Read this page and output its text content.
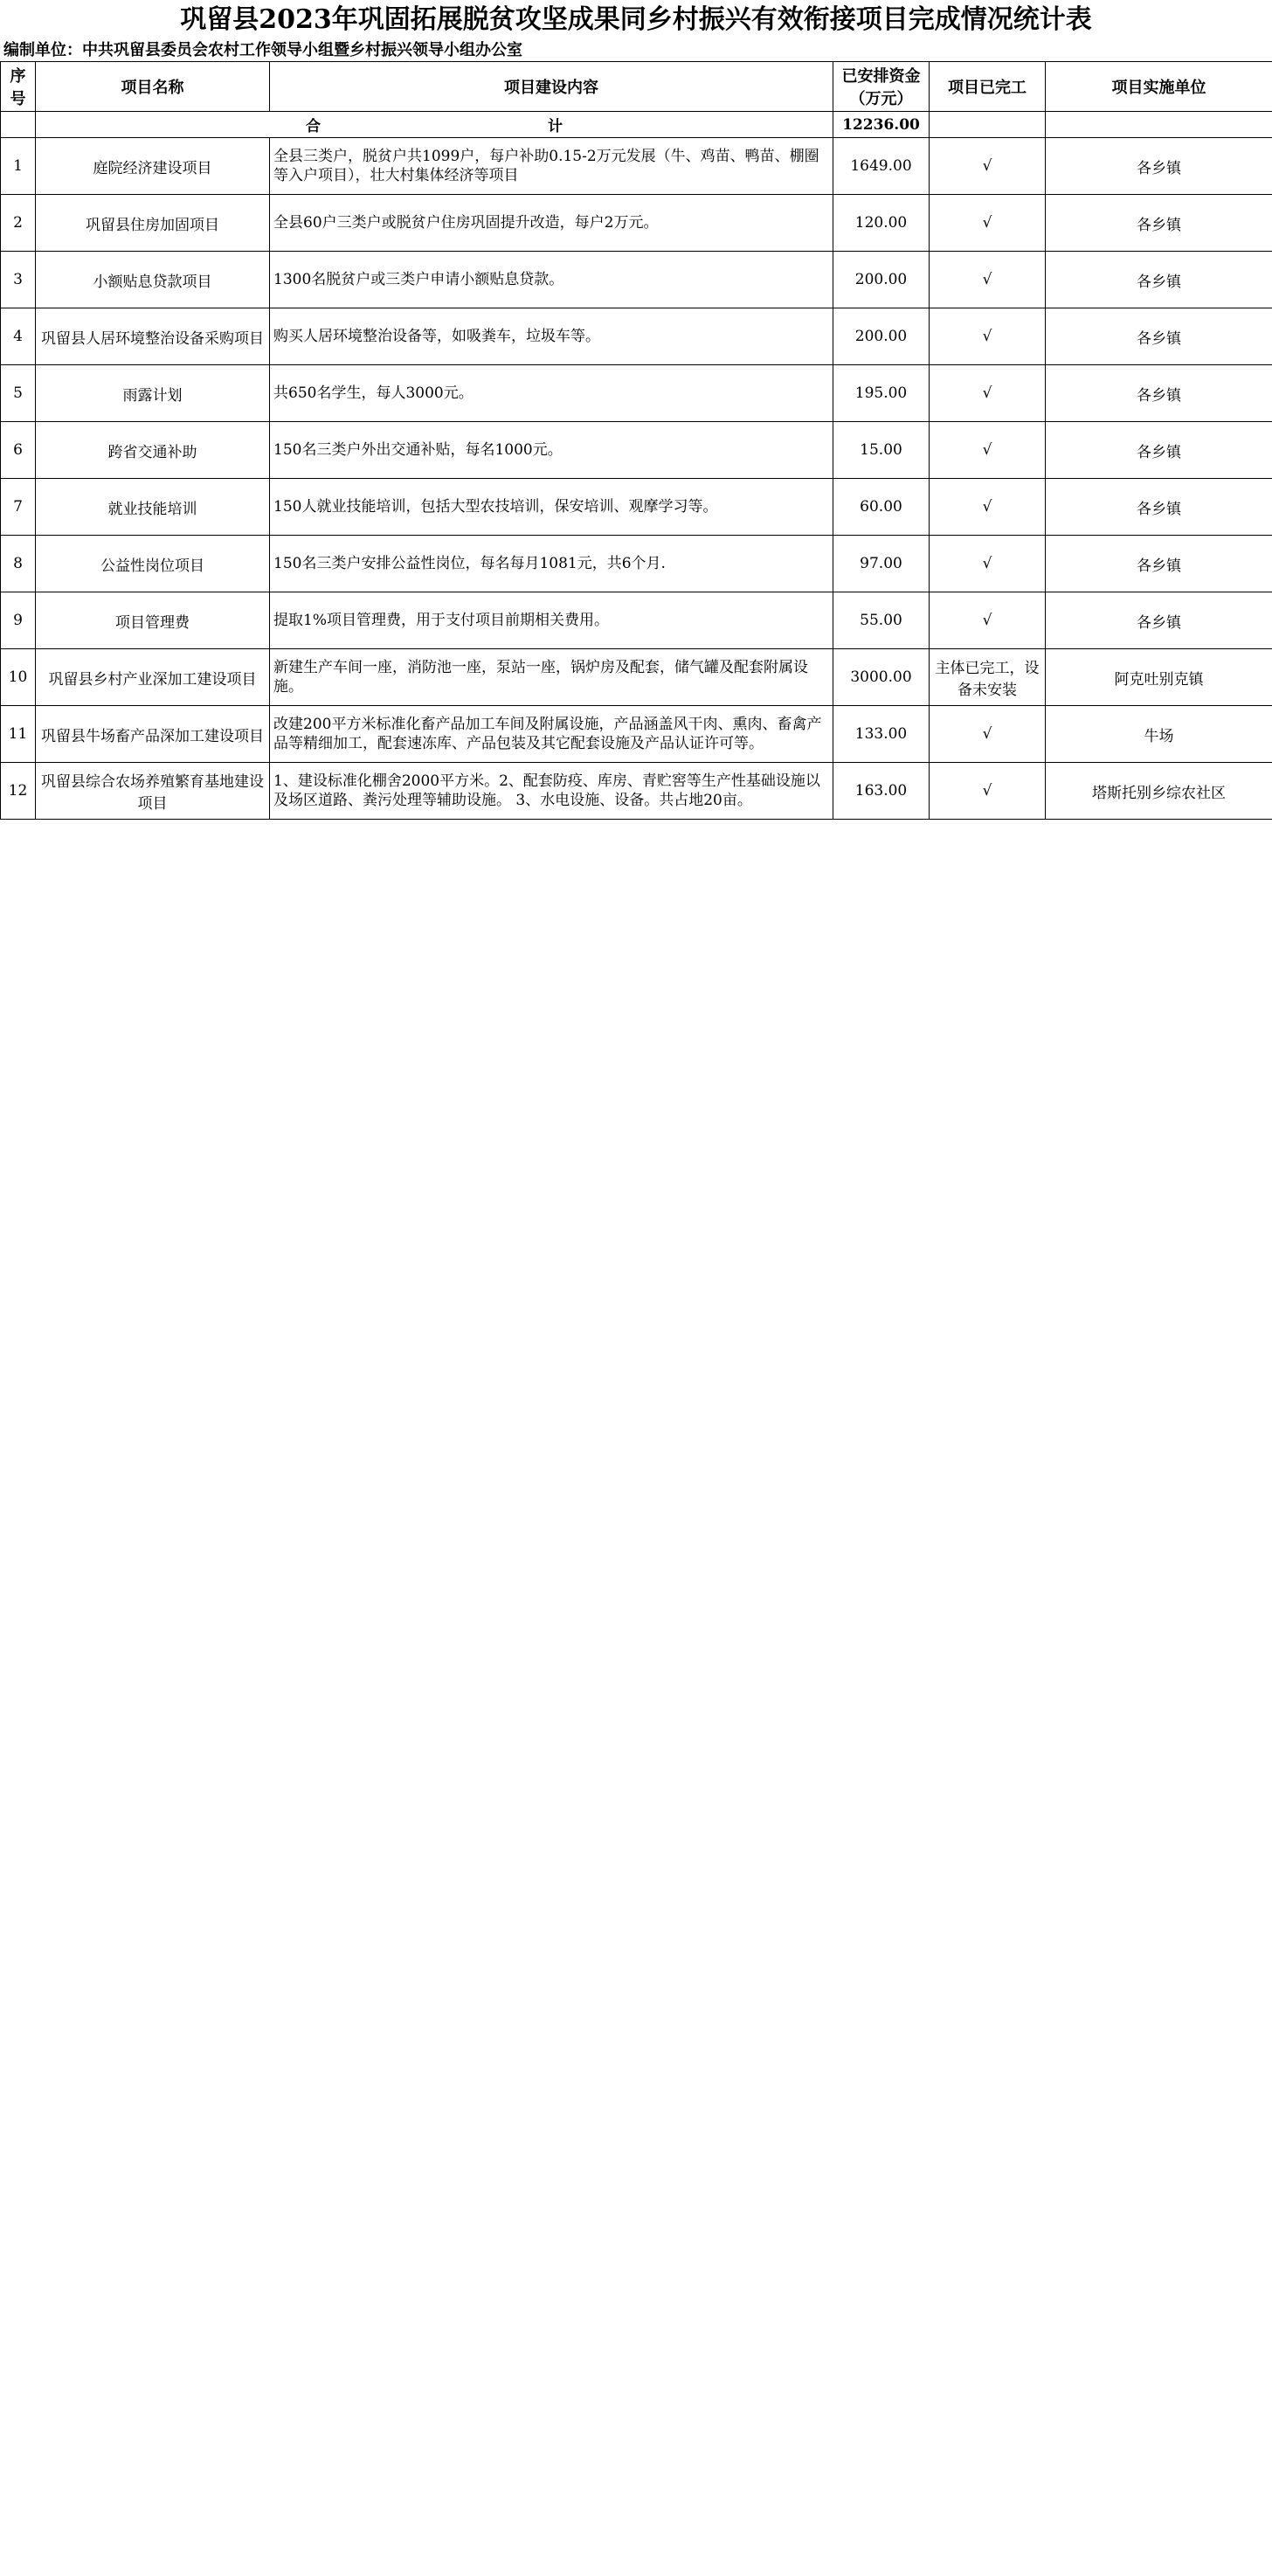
巩留县2023年巩固拓展脱贫攻坚成果同乡村振兴有效衔接项目完成情况统计表
编制单位：中共巩留县委员会农村工作领导小组暨乡村振兴领导小组办公室
序号	项目名称	项目建设内容	已安排资金（万元）	项目已完工	项目实施单位
	合 计		12236.00		
1	庭院经济建设项目	全县三类户，脱贫户共1099户，每户补助0.15-2万元发展（牛、鸡苗、鸭苗、棚圈等入户项目），壮大村集体经济等项目	1649.00	√	各乡镇
2	巩留县住房加固项目	全县60户三类户或脱贫户住房巩固提升改造，每户2万元。	120.00	√	各乡镇
3	小额贴息贷款项目	1300名脱贫户或三类户申请小额贴息贷款。	200.00	√	各乡镇
4	巩留县人居环境整治设备采购项目	购买人居环境整治设备等，如吸粪车，垃圾车等。	200.00	√	各乡镇
5	雨露计划	共650名学生，每人3000元。	195.00	√	各乡镇
6	跨省交通补助	150名三类户外出交通补贴，每名1000元。	15.00	√	各乡镇
7	就业技能培训	150人就业技能培训，包括大型农技培训，保安培训、观摩学习等。	60.00	√	各乡镇
8	公益性岗位项目	150名三类户安排公益性岗位，每名每月1081元，共6个月.	97.00	√	各乡镇
9	项目管理费	提取1%项目管理费，用于支付项目前期相关费用。	55.00	√	各乡镇
10	巩留县乡村产业深加工建设项目	新建生产车间一座，消防池一座，泵站一座，锅炉房及配套，储气罐及配套附属设施。	3000.00	主体已完工，设备未安装	阿克吐别克镇
11	巩留县牛场畜产品深加工建设项目	改建200平方米标准化畜产品加工车间及附属设施，产品涵盖风干肉、熏肉、畜禽产品等精细加工，配套速冻库、产品包装及其它配套设施及产品认证许可等。	133.00	√	牛场
12	巩留县综合农场养殖繁育基地建设项目	1、建设标准化棚舍2000平方米。2、配套防疫、库房、青贮窖等生产性基础设施以及场区道路、粪污处理等辅助设施。 3、水电设施、设备。共占地20亩。	163.00	√	塔斯托别乡综农社区
